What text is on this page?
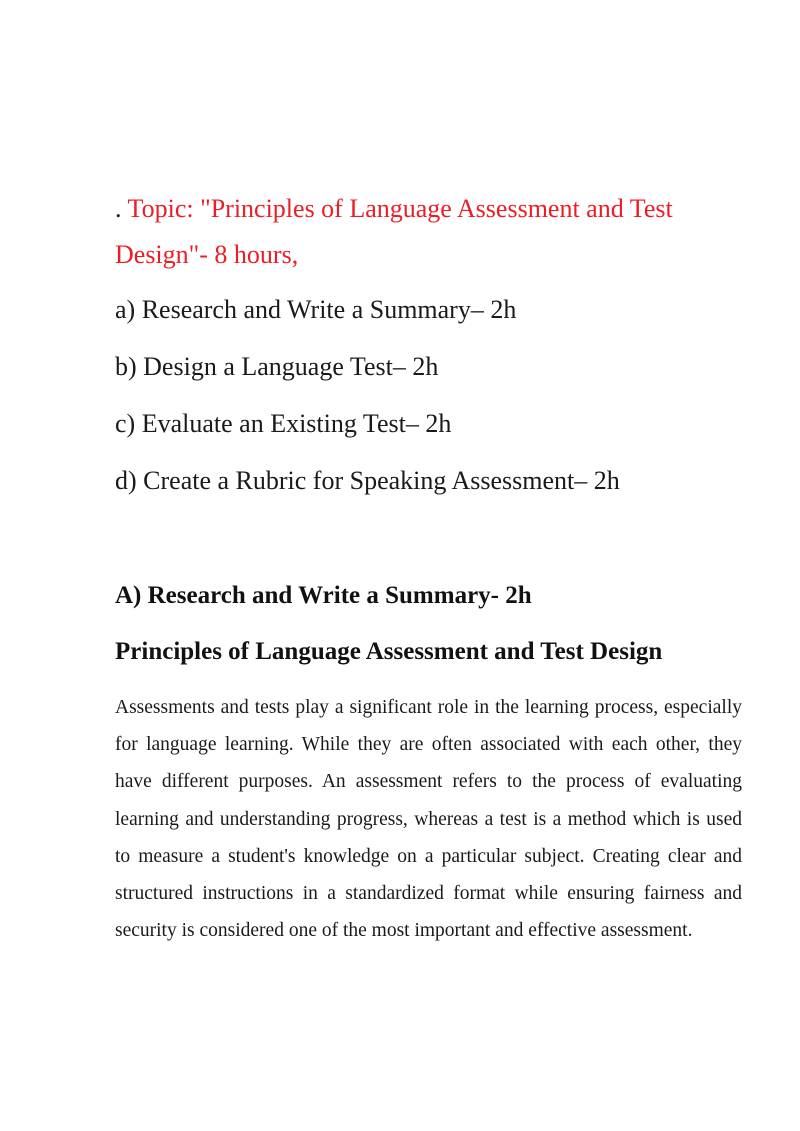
. Topic: "Principles of Language Assessment and Test Design"- 8 hours,

a) Research and Write a Summary– 2h

b) Design a Language Test– 2h

c) Evaluate an Existing Test– 2h

d) Create a Rubric for Speaking Assessment– 2h

A) Research and Write a Summary- 2h
Principles of Language Assessment and Test Design

Assessments and tests play a significant role in the learning process, especially for language learning. While they are often associated with each other, they have different purposes. An assessment refers to the process of evaluating learning and understanding progress, whereas a test is a method which is used to measure a student's knowledge on a particular subject. Creating clear and structured instructions in a standardized format while ensuring fairness and security is considered one of the most important and effective assessment.
